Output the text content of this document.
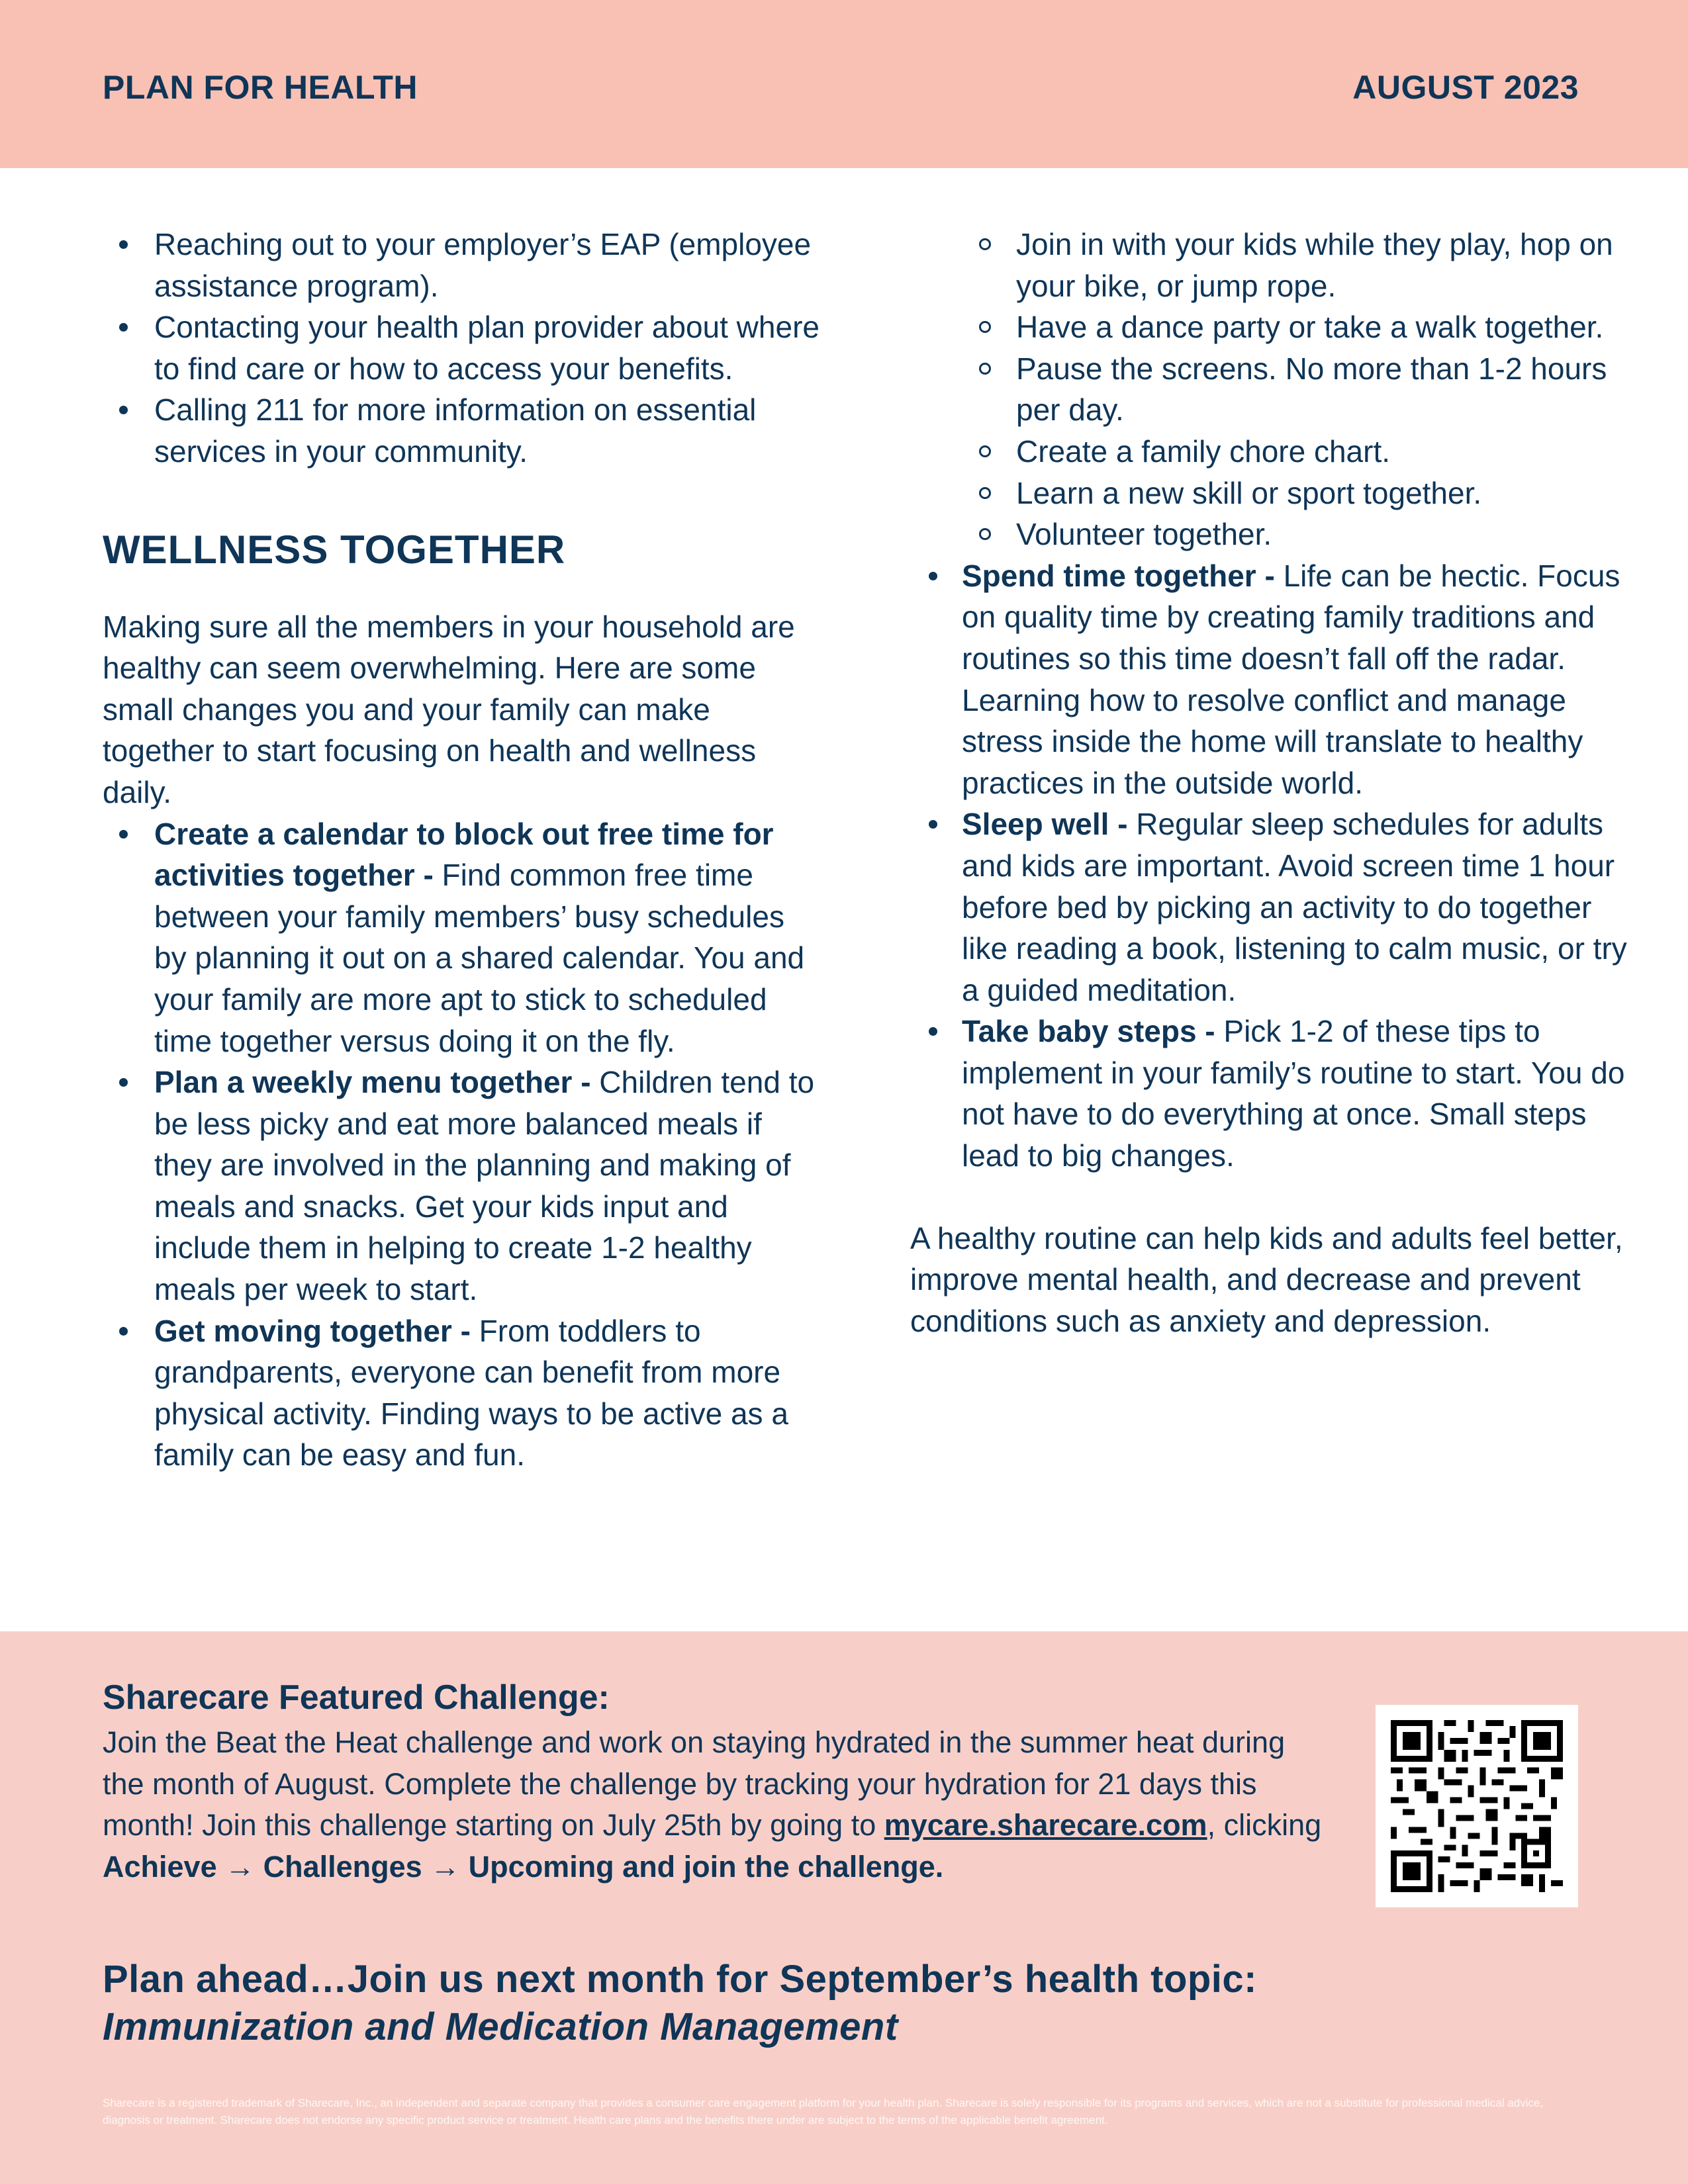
PLAN FOR HEALTH	AUGUST 2023
Reaching out to your employer’s EAP (employee assistance program).
Contacting your health plan provider about where to find care or how to access your benefits.
Calling 211 for more information on essential services in your community.
WELLNESS TOGETHER

Making sure all the members in your household are healthy can seem overwhelming. Here are some small changes you and your family can make together to start focusing on health and wellness daily.

Create a calendar to block out free time for activities together - Find common free time between your family members’ busy schedules by planning it out on a shared calendar. You and your family are more apt to stick to scheduled time together versus doing it on the fly.
Plan a weekly menu together - Children tend to be less picky and eat more balanced meals if they are involved in the planning and making of meals and snacks. Get your kids input and include them in helping to create 1-2 healthy meals per week to start.
Get moving together - From toddlers to grandparents, everyone can benefit from more physical activity. Finding ways to be active as a family can be easy and fun.
Join in with your kids while they play, hop on your bike, or jump rope.
Have a dance party or take a walk together.
Pause the screens. No more than 1-2 hours per day.
Create a family chore chart.
Learn a new skill or sport together.
Volunteer together.
Spend time together - Life can be hectic. Focus on quality time by creating family traditions and routines so this time doesn’t fall off the radar. Learning how to resolve conflict and manage stress inside the home will translate to healthy practices in the outside world.
Sleep well - Regular sleep schedules for adults and kids are important. Avoid screen time 1 hour before bed by picking an activity to do together like reading a book, listening to calm music, or try a guided meditation.
Take baby steps - Pick 1-2 of these tips to implement in your family’s routine to start. You do not have to do everything at once. Small steps lead to big changes.

A healthy routine can help kids and adults feel better, improve mental health, and decrease and prevent conditions such as anxiety and depression.

Sharecare Featured Challenge:
Join the Beat the Heat challenge and work on staying hydrated in the summer heat during the month of August. Complete the challenge by tracking your hydration for 21 days this month! Join this challenge starting on July 25th by going to mycare.sharecare.com, clicking Achieve → Challenges → Upcoming and join the challenge.
Plan ahead…Join us next month for September’s health topic:
Immunization and Medication Management
Sharecare is a registered trademark of Sharecare, Inc., an independent and separate company that provides a consumer care engagement platform for your health plan. Sharecare is solely responsible for its programs and services, which are not a substitute for professional medical advice, diagnosis or treatment. Sharecare does not endorse any specific product service or treatment. Health care plans and the benefits there under are subject to the terms of the applicable benefit agreement.
